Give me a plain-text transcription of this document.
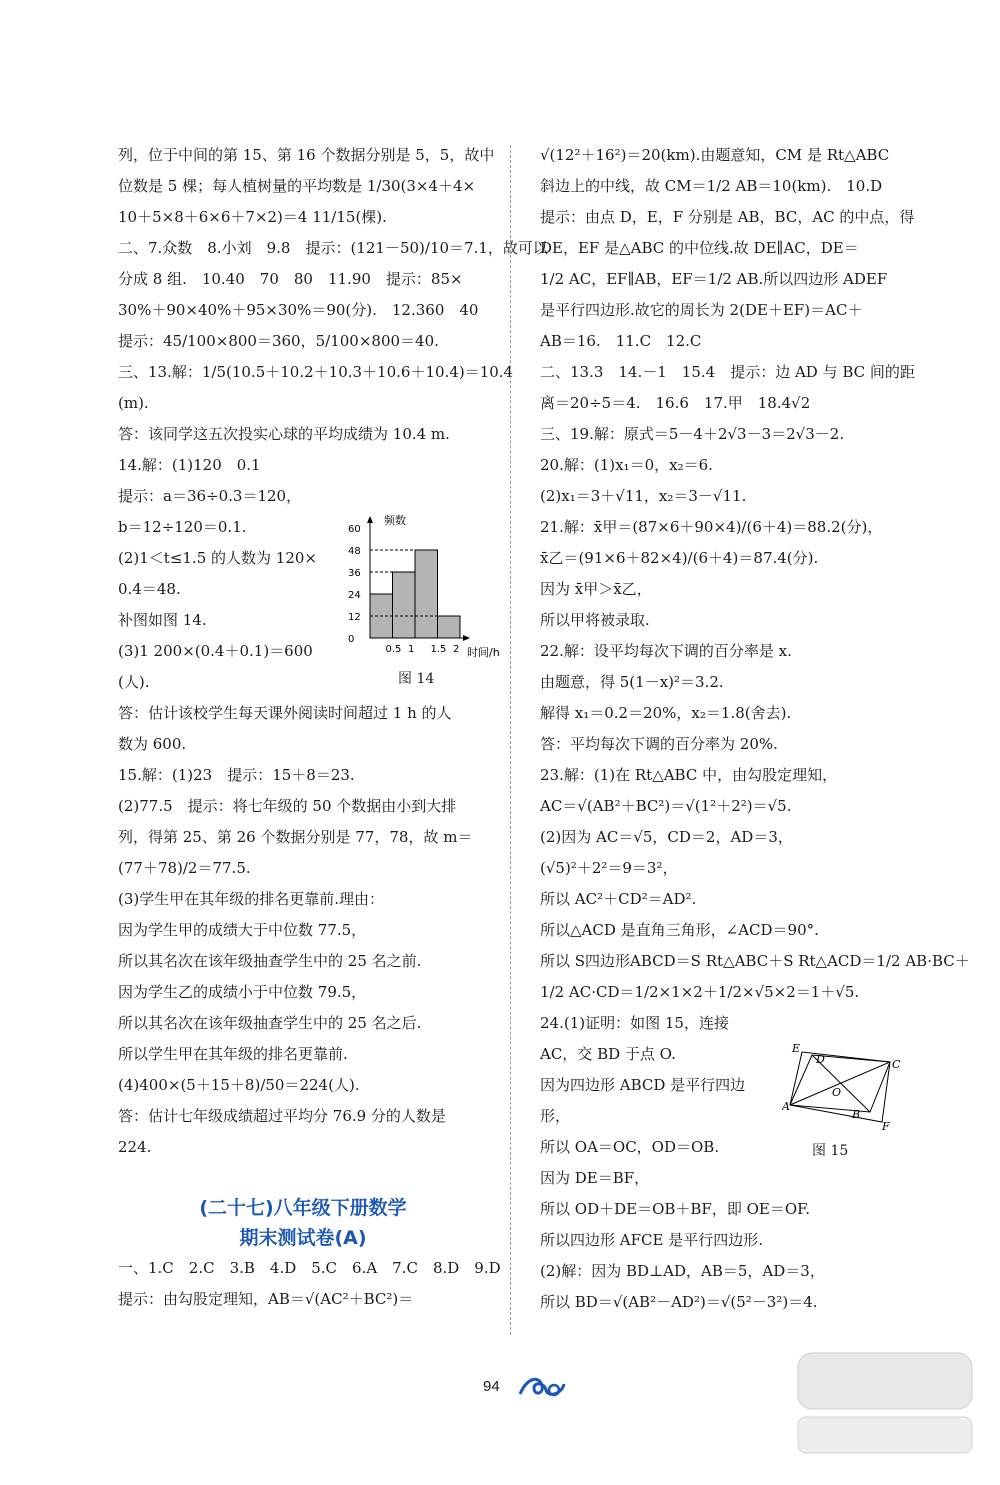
列，位于中间的第 15、第 16 个数据分别是 5，5，故中
位数是 5 棵；每人植树量的平均数是 1/30(3×4＋4×
10＋5×8＋6×6＋7×2)＝4 11/15(棵).
二、7.众数　8.小刘　9.8　提示：(121－50)/10＝7.1，故可以
分成 8 组.　10.40　70　80　11.90　提示：85×
30%＋90×40%＋95×30%＝90(分).　12.360　40
提示：45/100×800＝360，5/100×800＝40.
三、13.解：1/5(10.5＋10.2＋10.3＋10.6＋10.4)＝10.4
(m).
答：该同学这五次投实心球的平均成绩为 10.4 m.
14.解：(1)120　0.1
提示：a＝36÷0.3＝120，
b＝12÷120＝0.1.
(2)1＜t≤1.5 的人数为 120×
0.4＝48.
补图如图 14.
(3)1 200×(0.4＋0.1)＝600
(人).
答：估计该校学生每天课外阅读时间超过 1 h 的人
数为 600.
15.解：(1)23　提示：15＋8＝23.
(2)77.5　提示：将七年级的 50 个数据由小到大排
列，得第 25、第 26 个数据分别是 77，78，故 m＝
(77＋78)/2＝77.5.
(3)学生甲在其年级的排名更靠前.理由：
因为学生甲的成绩大于中位数 77.5，
所以其名次在该年级抽查学生中的 25 名之前.
因为学生乙的成绩小于中位数 79.5，
所以其名次在该年级抽查学生中的 25 名之后.
所以学生甲在其年级的排名更靠前.
(4)400×(5＋15＋8)/50＝224(人).
答：估计七年级成绩超过平均分 76.9 分的人数是
224.
(二十七)八年级下册数学
期末测试卷(A)
一、1.C　2.C　3.B　4.D　5.C　6.A　7.C　8.D　9.D
提示：由勾股定理知，AB＝√(AC²＋BC²)＝
√(12²＋16²)＝20(km).由题意知，CM 是 Rt△ABC
斜边上的中线，故 CM＝1/2 AB＝10(km).　10.D
提示：由点 D，E，F 分别是 AB，BC，AC 的中点，得
DE，EF 是△ABC 的中位线.故 DE∥AC，DE＝
1/2 AC，EF∥AB，EF＝1/2 AB.所以四边形 ADEF
是平行四边形.故它的周长为 2(DE＋EF)＝AC＋
AB＝16.　11.C　12.C
二、13.3　14.－1　15.4　提示：边 AD 与 BC 间的距
离＝20÷5＝4.　16.6　17.甲　18.4√2
三、19.解：原式＝5－4＋2√3－3＝2√3－2.
20.解：(1)x₁＝0，x₂＝6.
(2)x₁＝3＋√11，x₂＝3－√11.
21.解：x̄甲＝(87×6＋90×4)/(6＋4)＝88.2(分)，
x̄乙＝(91×6＋82×4)/(6＋4)＝87.4(分).
因为 x̄甲＞x̄乙，
所以甲将被录取.
22.解：设平均每次下调的百分率是 x.
由题意，得 5(1－x)²＝3.2.
解得 x₁＝0.2＝20%，x₂＝1.8(舍去).
答：平均每次下调的百分率为 20%.
23.解：(1)在 Rt△ABC 中，由勾股定理知，
AC＝√(AB²＋BC²)＝√(1²＋2²)＝√5.
(2)因为 AC＝√5，CD＝2，AD＝3，
(√5)²＋2²＝9＝3²，
所以 AC²＋CD²＝AD².
所以△ACD 是直角三角形，∠ACD＝90°.
所以 S四边形ABCD＝S Rt△ABC＋S Rt△ACD＝1/2 AB·BC＋
1/2 AC·CD＝1/2×1×2＋1/2×√5×2＝1＋√5.
24.(1)证明：如图 15，连接
AC，交 BD 于点 O.
因为四边形 ABCD 是平行四边
形，
所以 OA＝OC，OD＝OB.
因为 DE＝BF，
所以 OD＋DE＝OB＋BF，即 OE＝OF.
所以四边形 AFCE 是平行四边形.
(2)解：因为 BD⊥AD，AB＝5，AD＝3，
所以 BD＝√(AB²－AD²)＝√(5²－3²)＝4.
频数
时间/h
60
48
36
24
12
0
0.5 1 1.5 2
图 14
E
D	C
O
A
B
F
图 15
94
